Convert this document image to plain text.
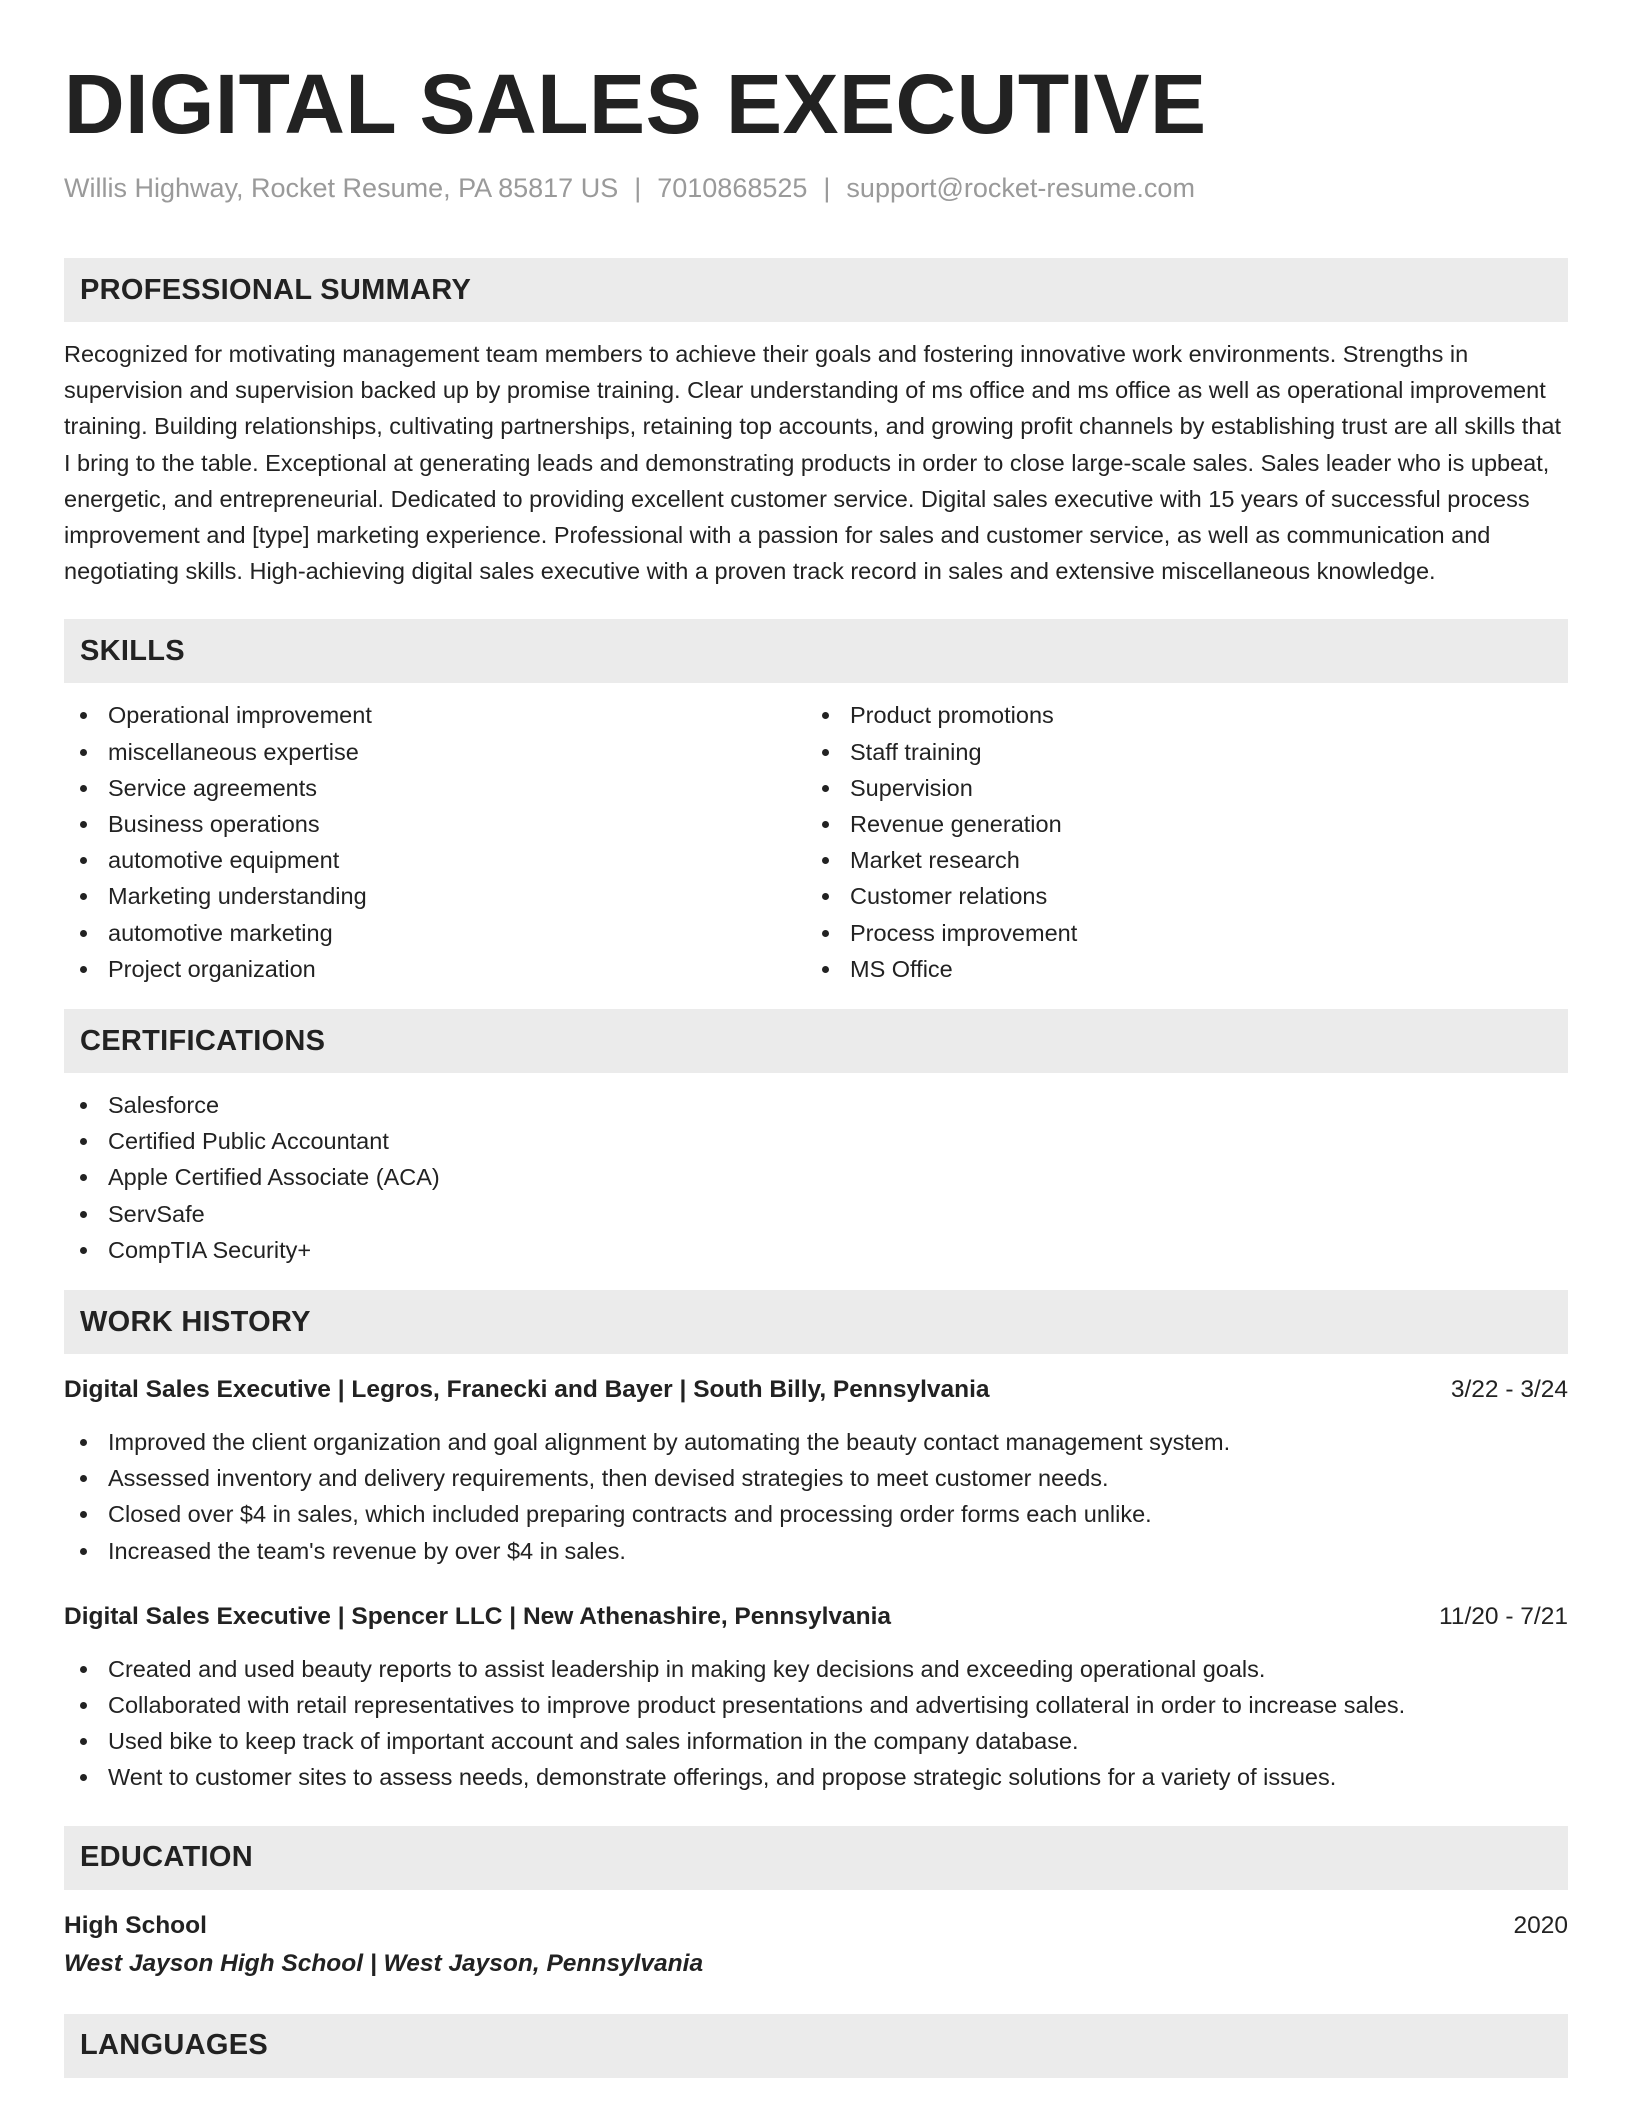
DIGITAL SALES EXECUTIVE
Willis Highway, Rocket Resume, PA 85817 US | 7010868525 | support@rocket-resume.com
PROFESSIONAL SUMMARY

Recognized for motivating management team members to achieve their goals and fostering innovative work environments. Strengths in supervision and supervision backed up by promise training. Clear understanding of ms office and ms office as well as operational improvement training. Building relationships, cultivating partnerships, retaining top accounts, and growing profit channels by establishing trust are all skills that I bring to the table. Exceptional at generating leads and demonstrating products in order to close large-scale sales. Sales leader who is upbeat, energetic, and entrepreneurial. Dedicated to providing excellent customer service. Digital sales executive with 15 years of successful process improvement and [type] marketing experience. Professional with a passion for sales and customer service, as well as communication and negotiating skills. High-achieving digital sales executive with a proven track record in sales and extensive miscellaneous knowledge.

SKILLS
Operational improvement
miscellaneous expertise
Service agreements
Business operations
automotive equipment
Marketing understanding
automotive marketing
Project organization
Product promotions
Staff training
Supervision
Revenue generation
Market research
Customer relations
Process improvement
MS Office
CERTIFICATIONS
Salesforce
Certified Public Accountant
Apple Certified Associate (ACA)
ServSafe
CompTIA Security+
WORK HISTORY
Digital Sales Executive | Legros, Franecki and Bayer | South Billy, Pennsylvania	3/22 - 3/24
Improved the client organization and goal alignment by automating the beauty contact management system.
Assessed inventory and delivery requirements, then devised strategies to meet customer needs.
Closed over $4 in sales, which included preparing contracts and processing order forms each unlike.
Increased the team's revenue by over $4 in sales.
Digital Sales Executive | Spencer LLC | New Athenashire, Pennsylvania	11/20 - 7/21
Created and used beauty reports to assist leadership in making key decisions and exceeding operational goals.
Collaborated with retail representatives to improve product presentations and advertising collateral in order to increase sales.
Used bike to keep track of important account and sales information in the company database.
Went to customer sites to assess needs, demonstrate offerings, and propose strategic solutions for a variety of issues.
EDUCATION
High School	2020
West Jayson High School | West Jayson, Pennsylvania
LANGUAGES
